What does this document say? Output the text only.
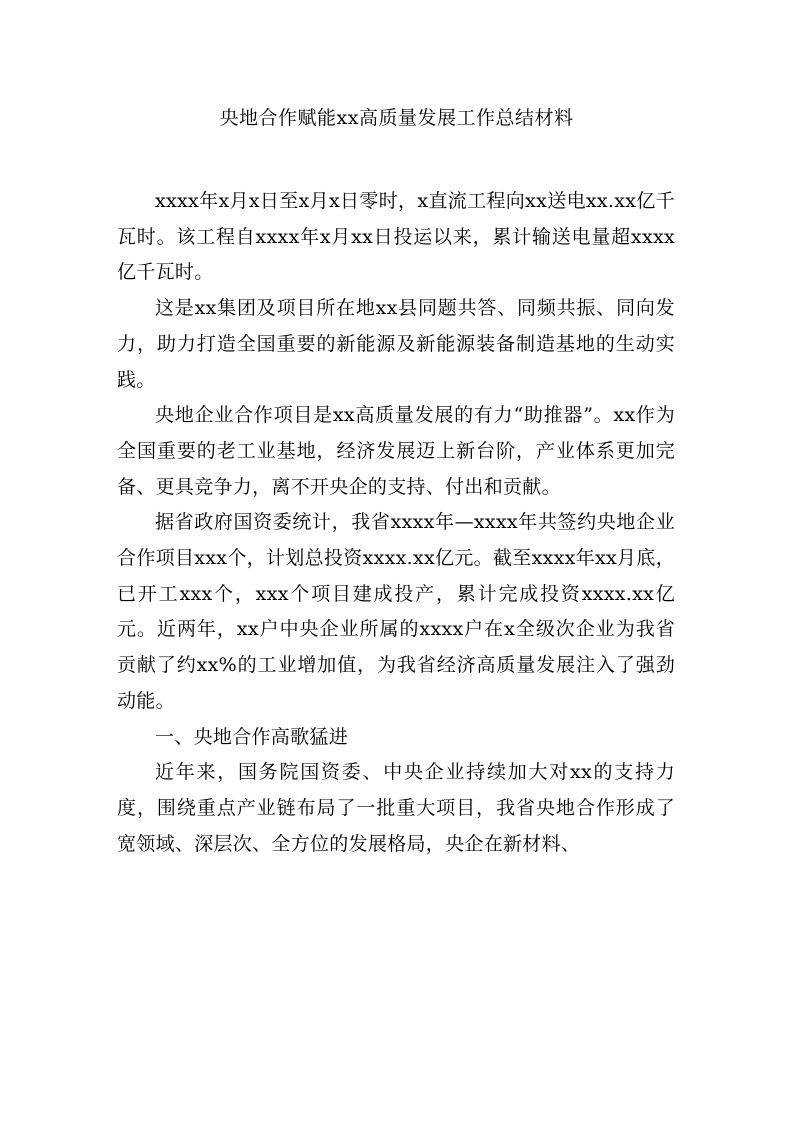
央地合作赋能xx高质量发展工作总结材料

xxxx年x月x日至x月x日零时，x直流工程向xx送电xx.xx亿千瓦时。该工程自xxxx年x月xx日投运以来，累计输送电量超xxxx亿千瓦时。

这是xx集团及项目所在地xx县同题共答、同频共振、同向发力，助力打造全国重要的新能源及新能源装备制造基地的生动实践。

央地企业合作项目是xx高质量发展的有力“助推器”。xx作为全国重要的老工业基地，经济发展迈上新台阶，产业体系更加完备、更具竞争力，离不开央企的支持、付出和贡献。

据省政府国资委统计，我省xxxx年—xxxx年共签约央地企业合作项目xxx个，计划总投资xxxx.xx亿元。截至xxxx年xx月底，已开工xxx个，xxx个项目建成投产，累计完成投资xxxx.xx亿元。近两年，xx户中央企业所属的xxxx户在x全级次企业为我省贡献了约xx%的工业增加值，为我省经济高质量发展注入了强劲动能。

一、央地合作高歌猛进

近年来，国务院国资委、中央企业持续加大对xx的支持力度，围绕重点产业链布局了一批重大项目，我省央地合作形成了宽领域、深层次、全方位的发展格局，央企在新材料、
